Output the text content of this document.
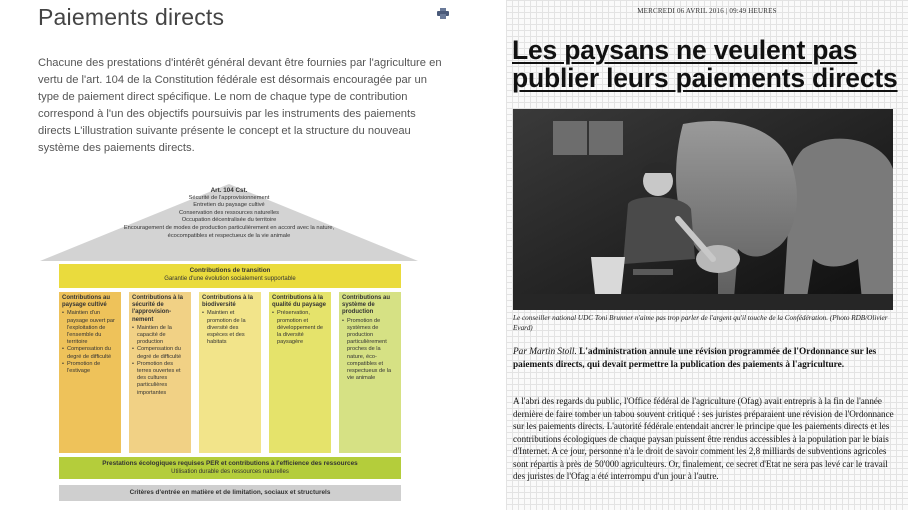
Paiements directs

Chacune des prestations d'intérêt général devant être fournies par l'agriculture en vertu de l'art. 104 de la Constitution fédérale est désormais encouragée par un type de paiement direct spécifique. Le nom de chaque type de contribution correspond à l'un des objectifs poursuivis par les instruments des paiements directs L'illustration suivante présente le concept et la structure du nouveau système des paiements directs.

Art. 104 Cst.
Sécurité de l'approvisionnement
Entretien du paysage cultivé
Conservation des ressources naturelles
Occupation décentralisée du territoire
Encouragement de modes de production particulièrement en accord avec la nature,
écocompatibles et respectueux de la vie animale
Contributions de transition
Garantie d'une évolution socialement supportable
Contributions au paysage cultivé
• Maintien d'un paysage ouvert par l'exploitation de l'ensemble du territoire
• Compensation du degré de difficulté
• Promotion de l'estivage
Contributions à la sécurité de l'approvision-nement
• Maintien de la capacité de production
• Compensation du degré de difficulté
• Promotion des terres ouvertes et des cultures particulières importantes
Contributions à la biodiversité
• Maintien et promotion de la diversité des espèces et des habitats
Contributions à la qualité du paysage
• Préservation, promotion et développement de la diversité paysagère
Contributions au système de production
• Promotion de systèmes de production particulièrement proches de la nature, éco-compatibles et respectueux de la vie animale
Prestations écologiques requises PER et contributions à l'efficience des ressources
Utilisation durable des ressources naturelles
Critères d'entrée en matière et de limitation, sociaux et structurels
MERCREDI 06 AVRIL 2016 | 09:49 HEURES
Les paysans ne veulent pas publier leurs paiements directs
Le conseiller national UDC Toni Brunner n'aime pas trop parler de l'argent qu'il touche de la Confédération. (Photo RDB/Olivier Evard)

Par Martin Stoll. L'administration annule une révision programmée de l'Ordonnance sur les paiements directs, qui devait permettre la publication des paiements à l'agriculture.

A l'abri des regards du public, l'Office fédéral de l'agriculture (Ofag) avait entrepris à la fin de l'année dernière de faire tomber un tabou souvent critiqué : ses juristes préparaient une révision de l'Ordonnance sur les paiements directs. L'autorité fédérale entendait ancrer le principe que les paiements directs et les contributions écologiques de chaque paysan puissent être rendus accessibles à la population par le biais d'Internet. A ce jour, personne n'a le droit de savoir comment les 2,8 milliards de subventions agricoles sont répartis à près de 50'000 agriculteurs. Or, finalement, ce secret d'Etat ne sera pas levé car le travail des juristes de l'Ofag a été interrompu d'un jour à l'autre.
